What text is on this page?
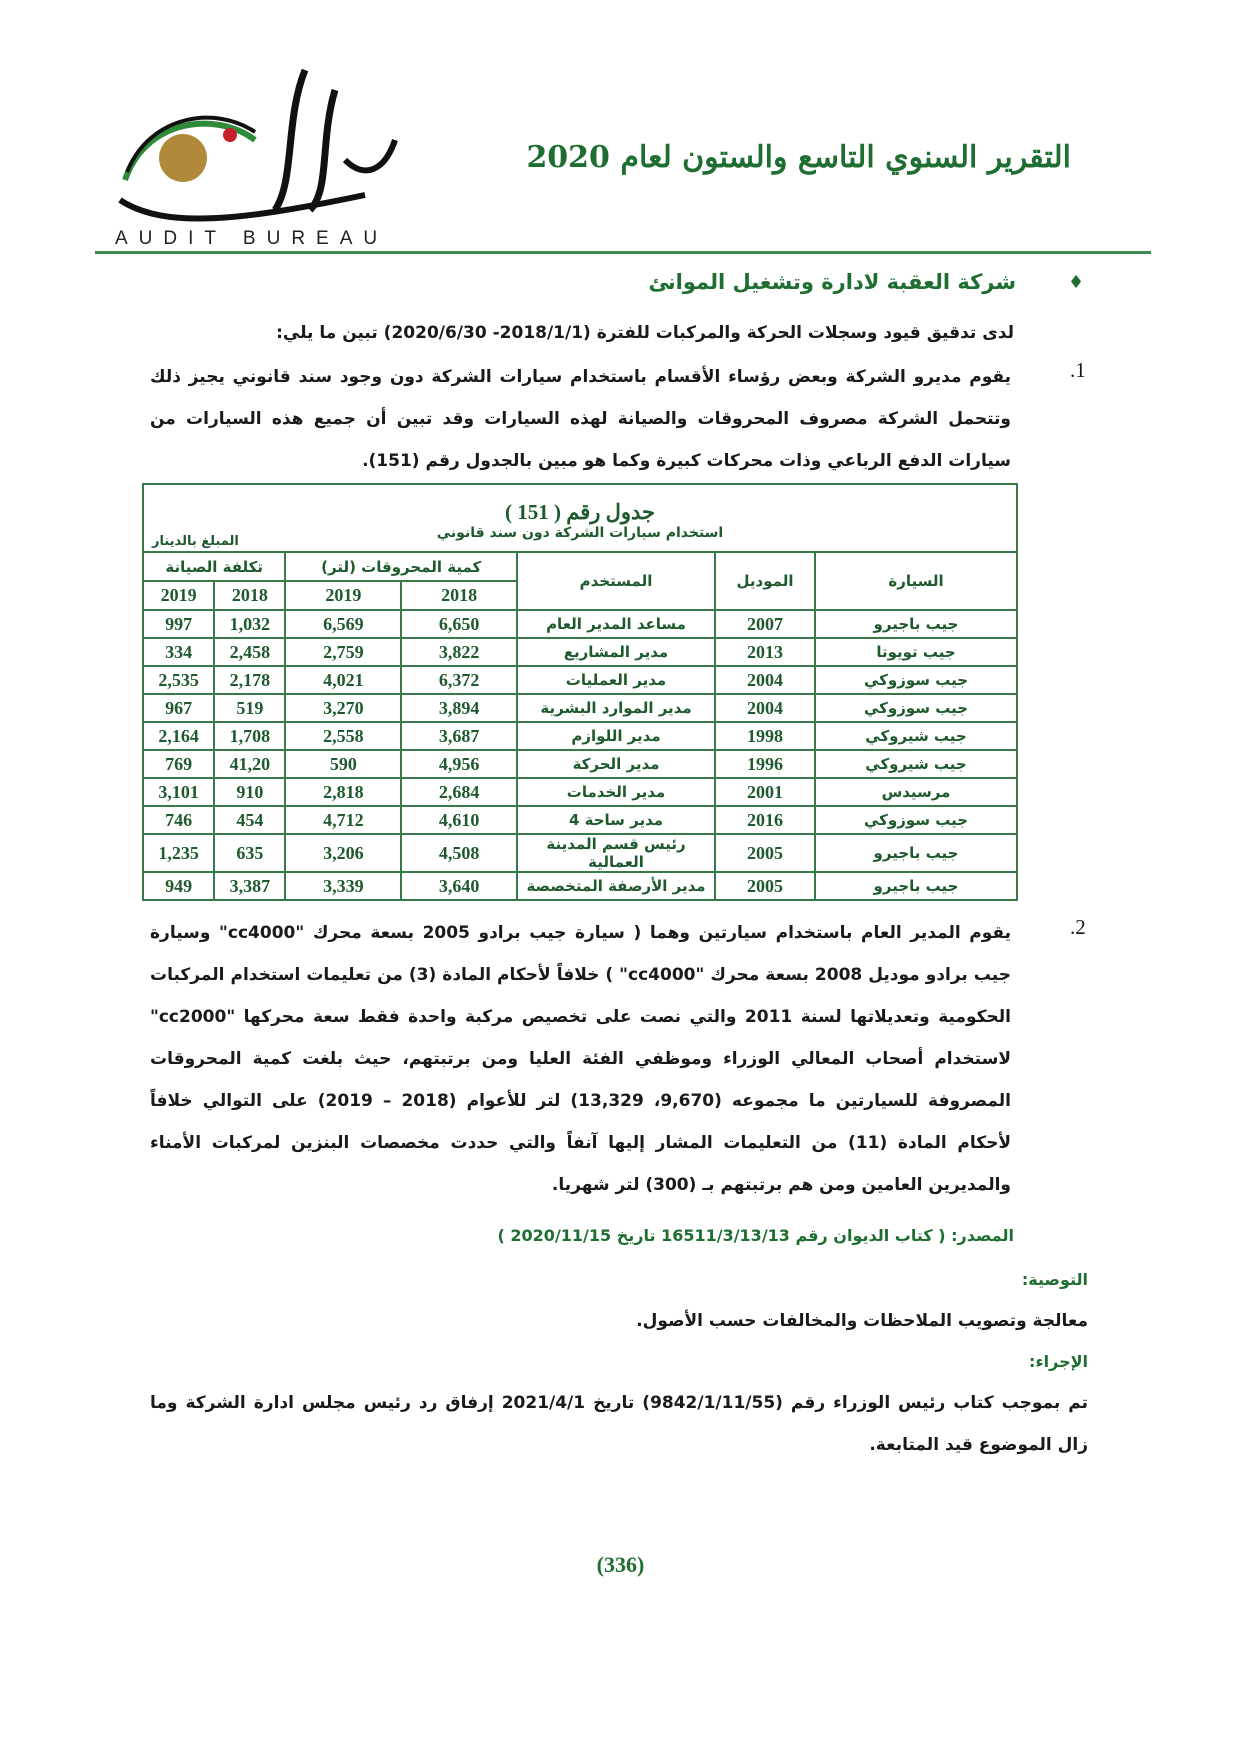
AUDIT BUREAU
التقرير السنوي التاسع والستون لعام 2020
♦
شركة العقبة لادارة وتشغيل الموانئ
لدى تدقيق قيود وسجلات الحركة والمركبات للفترة (2018/1/1- 2020/6/30) تبين ما يلي:
.1
يقوم مديرو الشركة وبعض رؤساء الأقسام باستخدام سيارات الشركة دون وجود سند قانوني يجيز ذلك وتتحمل الشركة مصروف المحروقات والصيانة لهذه السيارات وقد تبين أن جميع هذه السيارات من سيارات الدفع الرباعي وذات محركات كبيرة وكما هو مبين بالجدول رقم (151).
جدول رقم ( 151 )
استخدام سيارات الشركة دون سند قانوني
المبلغ بالدينار						

السيارة	الموديل	المستخدم	كمية المحروقات (لتر)		تكلفة الصيانة	
			2018	2019	2018	2019
جيب باجيرو	2007	مساعد المدير العام	6,650	6,569	1,032	997
جيب تويوتا	2013	مدير المشاريع	3,822	2,759	2,458	334
جيب سوزوكي	2004	مدير العمليات	6,372	4,021	2,178	2,535
جيب سوزوكي	2004	مدير الموارد البشرية	3,894	3,270	519	967
جيب شيروكي	1998	مدير اللوازم	3,687	2,558	1,708	2,164
جيب شيروكي	1996	مدير الحركة	4,956	590	41,20	769
مرسيدس	2001	مدير الخدمات	2,684	2,818	910	3,101
جيب سوزوكي	2016	مدير ساحة 4	4,610	4,712	454	746
جيب باجيرو	2005	رئيس قسم المدينة العمالية	4,508	3,206	635	1,235
جيب باجيرو	2005	مدير الأرصفة المتخصصة	3,640	3,339	3,387	949
.2
يقوم المدير العام باستخدام سيارتين وهما ( سيارة جيب برادو 2005 بسعة محرك "cc4000" وسيارة جيب برادو موديل 2008 بسعة محرك "cc4000" ) خلافاً لأحكام المادة (3) من تعليمات استخدام المركبات الحكومية وتعديلاتها لسنة 2011 والتي نصت على تخصيص مركبة واحدة فقط سعة محركها "cc2000" لاستخدام أصحاب المعالي الوزراء وموظفي الفئة العليا ومن برتبتهم، حيث بلغت كمية المحروقات المصروفة للسيارتين ما مجموعه (9,670، 13,329) لتر للأعوام (2018 – 2019) على التوالي خلافاً لأحكام المادة (11) من التعليمات المشار إليها آنفاً والتي حددت مخصصات البنزين لمركبات الأمناء والمديرين العامين ومن هم برتبتهم بـ (300) لتر شهريا.
المصدر: ( كتاب الديوان رقم 16511/3/13/13 تاريخ 2020/11/15 )
التوصية:
معالجة وتصويب الملاحظات والمخالفات حسب الأصول.
الإجراء:
تم بموجب كتاب رئيس الوزراء رقم (9842/1/11/55) تاريخ 2021/4/1 إرفاق رد رئيس مجلس ادارة الشركة وما زال الموضوع قيد المتابعة.
(336)
